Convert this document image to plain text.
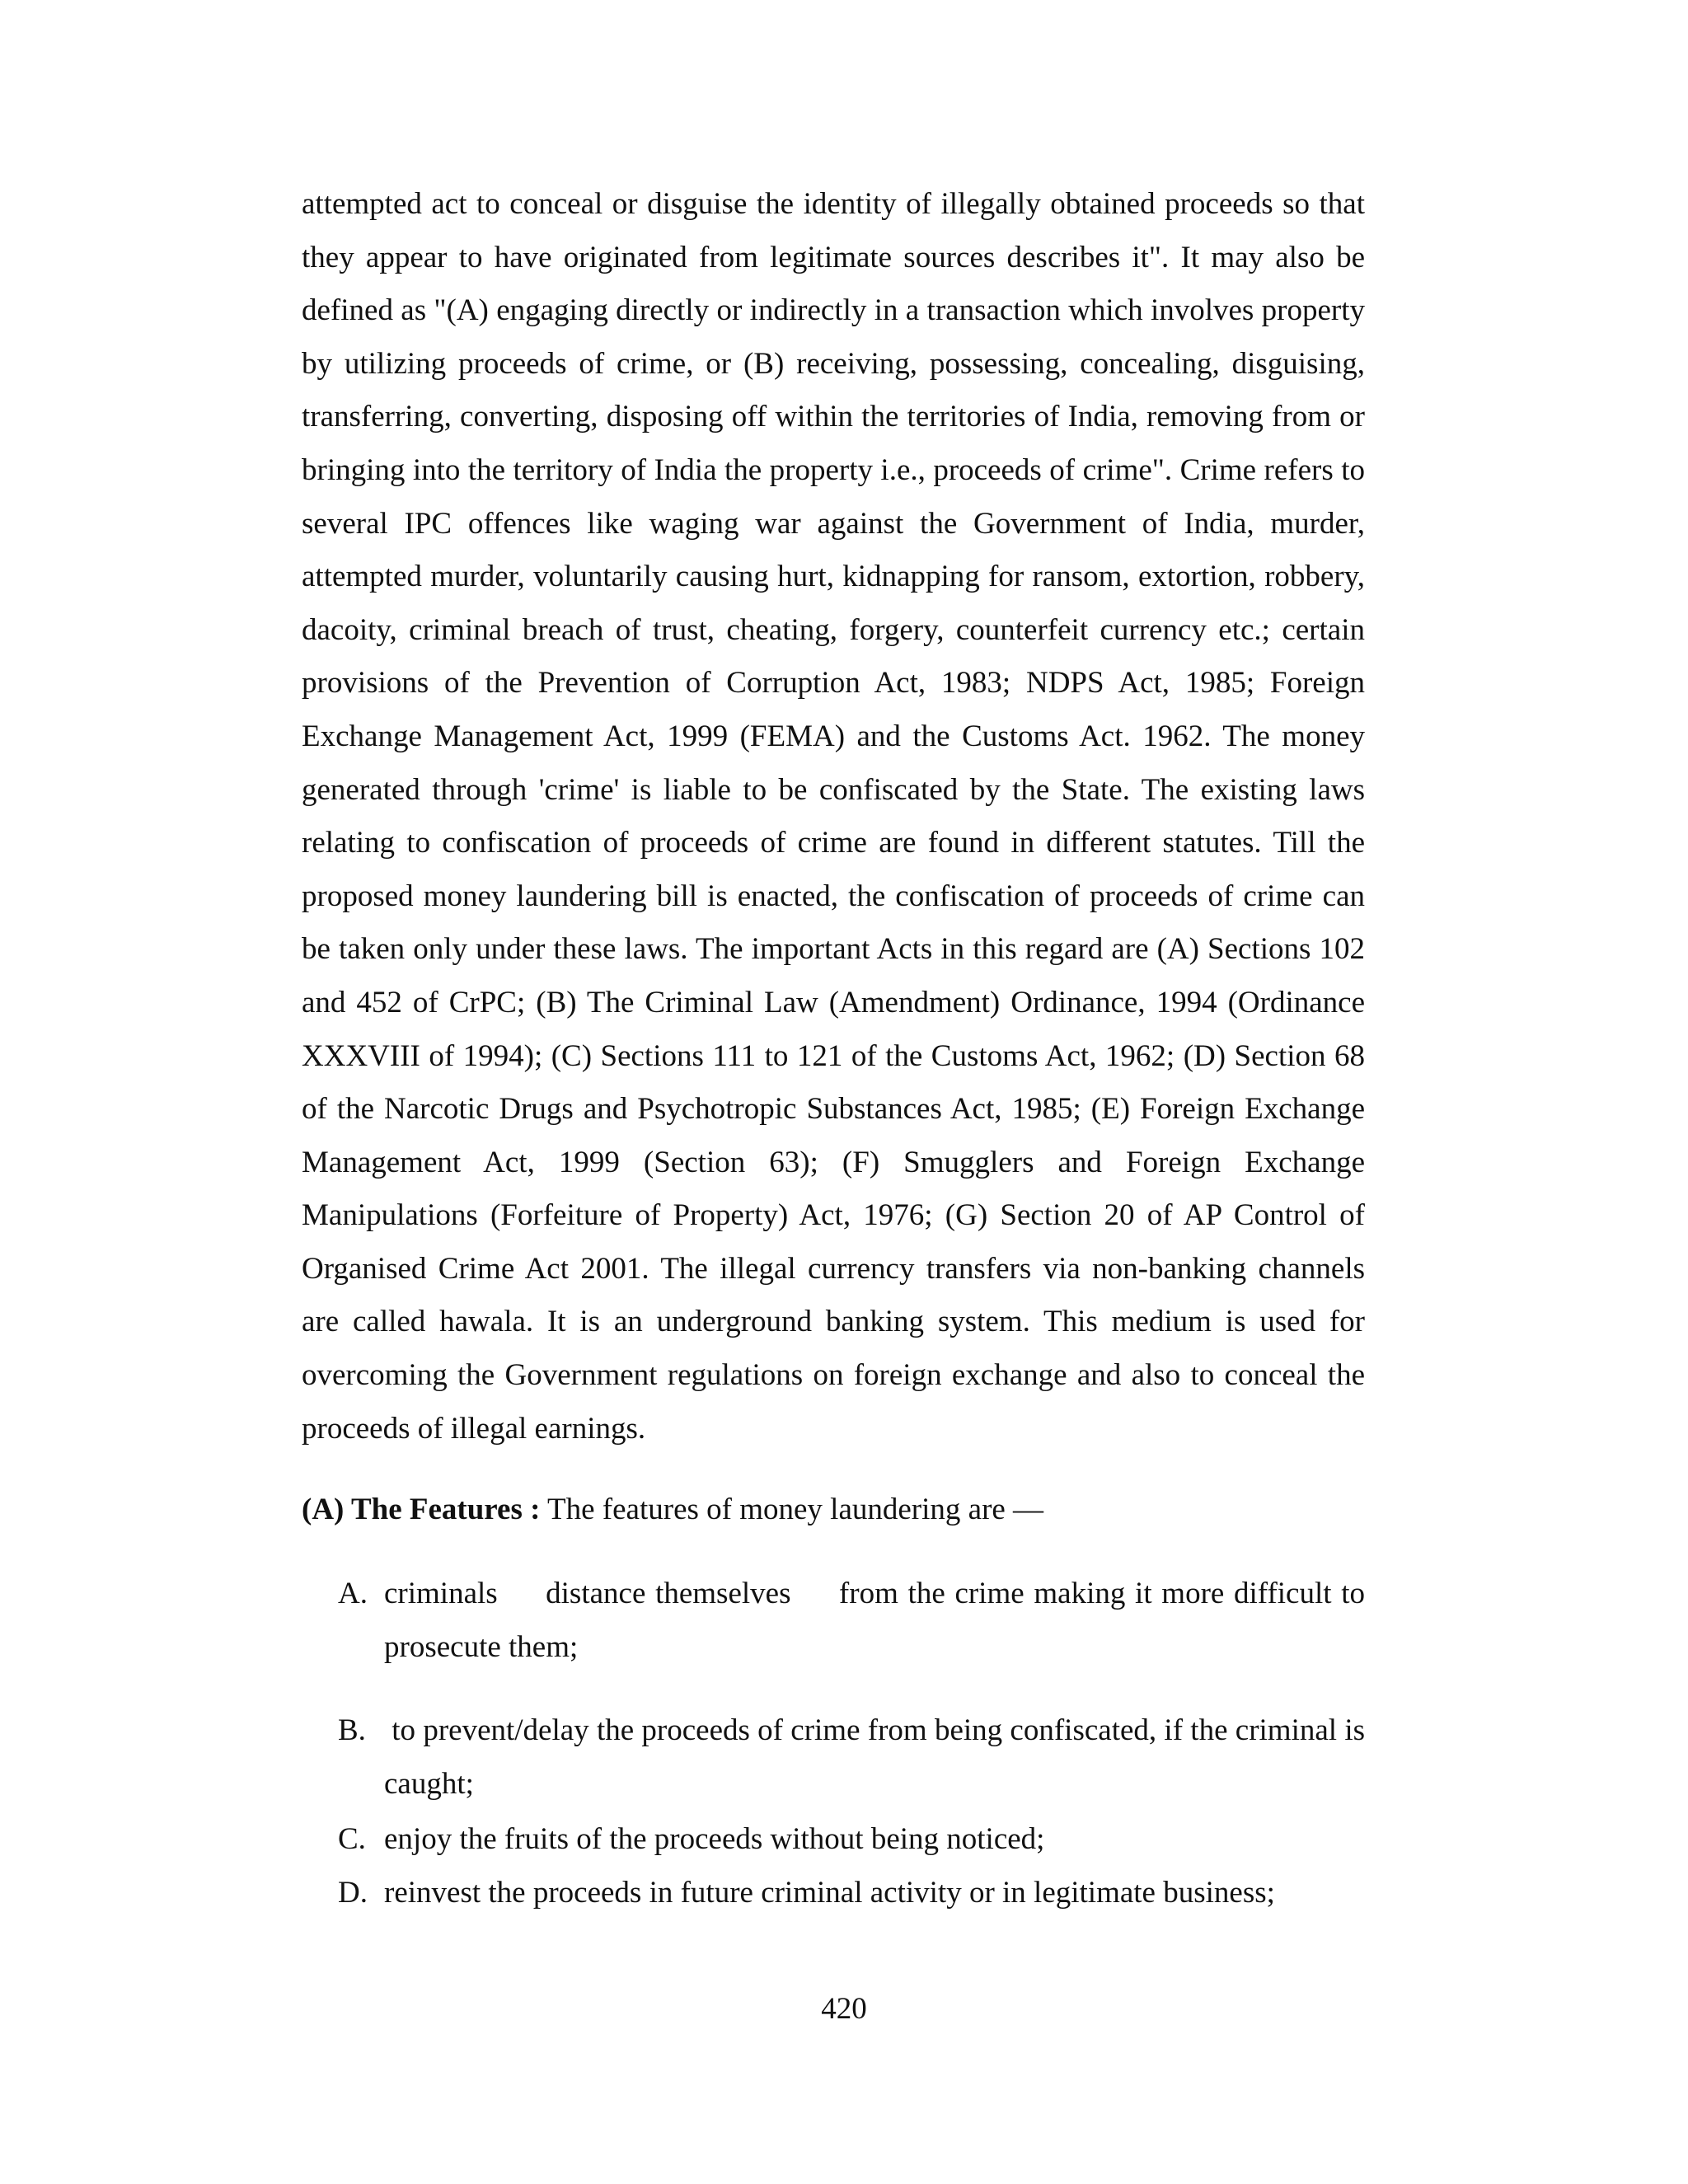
attempted act to conceal or disguise the identity of illegally obtained proceeds so that they appear to have originated from legitimate sources describes it". It may also be defined as "(A) engaging directly or indirectly in a transaction which involves property by utilizing proceeds of crime, or (B) receiving, possessing, concealing, disguising, transferring, converting, disposing off within the territories of India, removing from or bringing into the territory of India the property i.e., proceeds of crime". Crime refers to several IPC offences like waging war against the Government of India, murder, attempted murder, voluntarily causing hurt, kidnapping for ransom, extortion, robbery, dacoity, criminal breach of trust, cheating, forgery, counterfeit currency etc.; certain provisions of the Prevention of Corruption Act, 1983; NDPS Act, 1985; Foreign Exchange Management Act, 1999 (FEMA) and the Customs Act. 1962. The money generated through 'crime' is liable to be confiscated by the State. The existing laws relating to confiscation of proceeds of crime are found in different statutes. Till the proposed money laundering bill is enacted, the confiscation of proceeds of crime can be taken only under these laws. The important Acts in this regard are (A) Sections 102 and 452 of CrPC; (B) The Criminal Law (Amendment) Ordinance, 1994 (Ordinance XXXVIII of 1994); (C) Sections 111 to 121 of the Customs Act, 1962; (D) Section 68 of the Narcotic Drugs and Psychotropic Substances Act, 1985; (E) Foreign Exchange Management Act, 1999 (Section 63); (F) Smugglers and Foreign Exchange Manipulations (Forfeiture of Property) Act, 1976; (G) Section 20 of AP Control of Organised Crime Act 2001. The illegal currency transfers via non-banking channels are called hawala. It is an underground banking system. This medium is used for overcoming the Government regulations on foreign exchange and also to conceal the proceeds of illegal earnings.

(A) The Features : The features of money laundering are —

A. criminals     distance themselves     from the crime making it more difficult to prosecute them;
B. to prevent/delay the proceeds of crime from being confiscated, if the criminal is caught;
C. enjoy the fruits of the proceeds without being noticed;
D. reinvest the proceeds in future criminal activity or in legitimate business;

420
